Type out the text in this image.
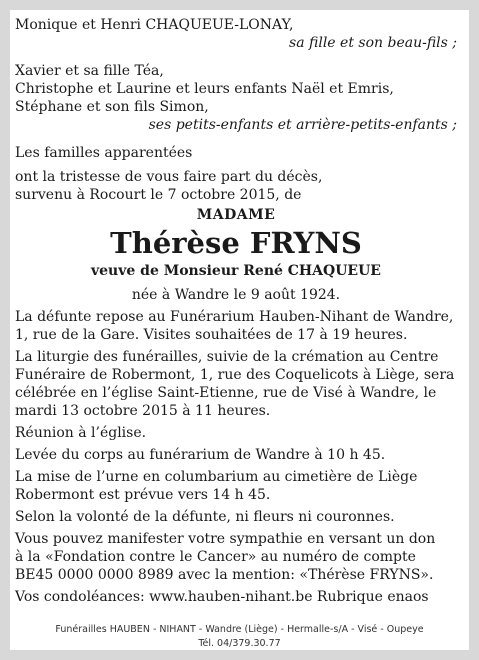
Monique et Henri CHAQUEUE-LONAY,
sa fille et son beau-fils ;
Xavier et sa fille Téa,
Christophe et Laurine et leurs enfants Naël et Emris,
Stéphane et son fils Simon,
ses petits-enfants et arrière-petits-enfants ;
Les familles apparentées
ont la tristesse de vous faire part du décès,
survenu à Rocourt le 7 octobre 2015, de
MADAME
Thérèse FRYNS
veuve de Monsieur René CHAQUEUE
née à Wandre le 9 août 1924.
La défunte repose au Funérarium Hauben-Nihant de Wandre,
1, rue de la Gare. Visites souhaitées de 17 à 19 heures.
La liturgie des funérailles, suivie de la crémation au Centre
Funéraire de Robermont, 1, rue des Coquelicots à Liège, sera
célébrée en l’église Saint-Etienne, rue de Visé à Wandre, le
mardi 13 octobre 2015 à 11 heures.
Réunion à l’église.
Levée du corps au funérarium de Wandre à 10 h 45.
La mise de l’urne en columbarium au cimetière de Liège
Robermont est prévue vers 14 h 45.
Selon la volonté de la défunte, ni fleurs ni couronnes.
Vous pouvez manifester votre sympathie en versant un don
à la «Fondation contre le Cancer» au numéro de compte
BE45 0000 0000 8989 avec la mention: «Thérèse FRYNS».
Vos condoléances: www.hauben-nihant.be Rubrique enaos
Funérailles HAUBEN - NIHANT - Wandre (Liège) - Hermalle-s/A - Visé - Oupeye
Tél. 04/379.30.77
